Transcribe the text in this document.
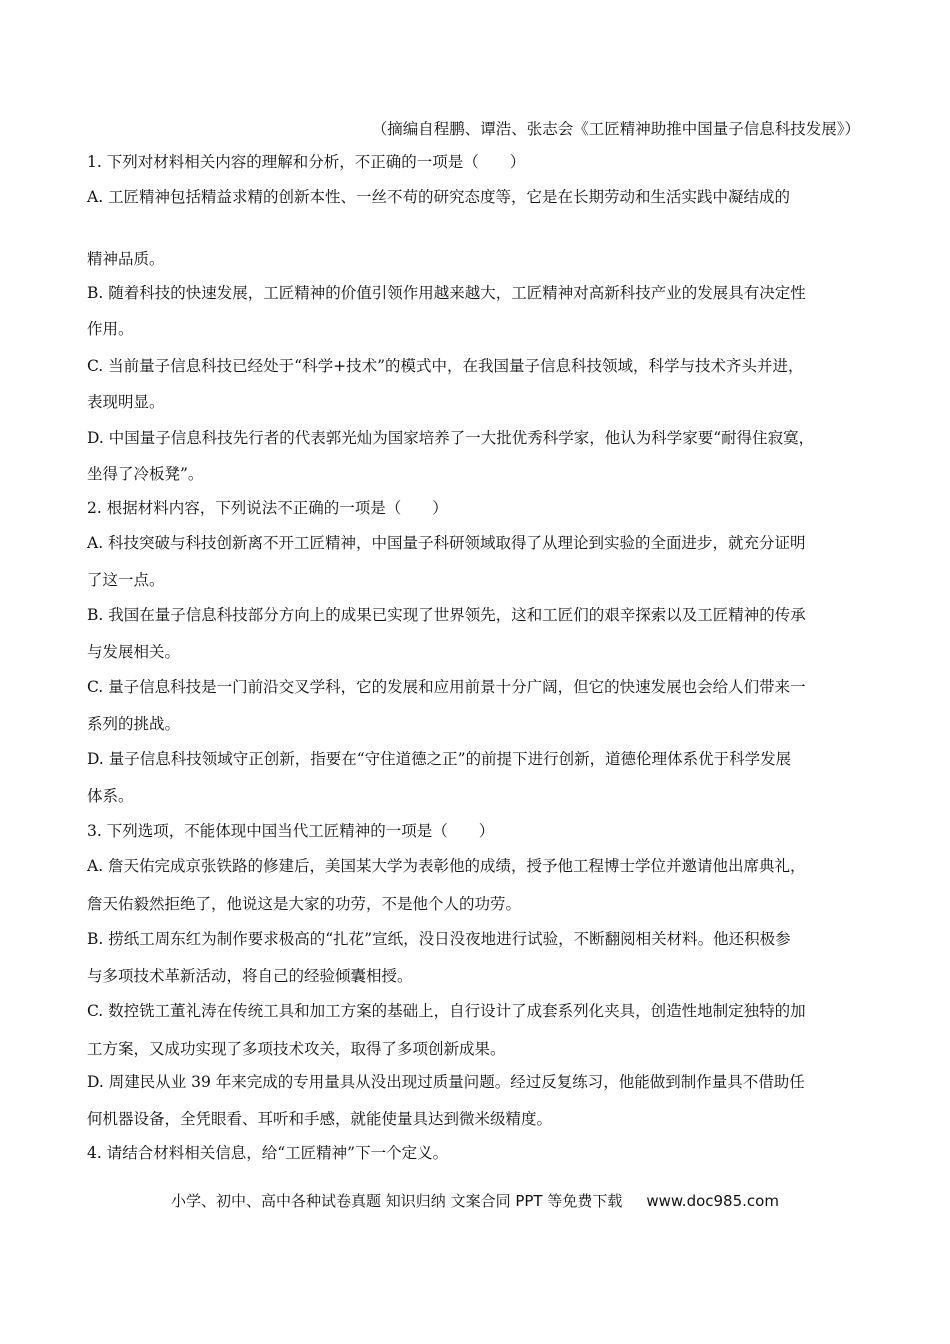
（摘编自程鹏、谭浩、张志会《工匠精神助推中国量子信息科技发展》）
1. 下列对材料相关内容的理解和分析，不正确的一项是（　　）
A. 工匠精神包括精益求精的创新本性、一丝不苟的研究态度等，它是在长期劳动和生活实践中凝结成的
精神品质。
B. 随着科技的快速发展，工匠精神的价值引领作用越来越大，工匠精神对高新科技产业的发展具有决定性
作用。
C. 当前量子信息科技已经处于“科学+技术”的模式中，在我国量子信息科技领域，科学与技术齐头并进，
表现明显。
D. 中国量子信息科技先行者的代表郭光灿为国家培养了一大批优秀科学家，他认为科学家要“耐得住寂寞，
坐得了冷板凳”。
2. 根据材料内容，下列说法不正确的一项是（　　）
A. 科技突破与科技创新离不开工匠精神，中国量子科研领域取得了从理论到实验的全面进步，就充分证明
了这一点。
B. 我国在量子信息科技部分方向上的成果已实现了世界领先，这和工匠们的艰辛探索以及工匠精神的传承
与发展相关。
C. 量子信息科技是一门前沿交叉学科，它的发展和应用前景十分广阔，但它的快速发展也会给人们带来一
系列的挑战。
D. 量子信息科技领域守正创新，指要在“守住道德之正”的前提下进行创新，道德伦理体系优于科学发展
体系。
3. 下列选项，不能体现中国当代工匠精神的一项是（　　）
A. 詹天佑完成京张铁路的修建后，美国某大学为表彰他的成绩，授予他工程博士学位并邀请他出席典礼，
詹天佑毅然拒绝了，他说这是大家的功劳，不是他个人的功劳。
B. 捞纸工周东红为制作要求极高的“扎花”宣纸，没日没夜地进行试验，不断翻阅相关材料。他还积极参
与多项技术革新活动，将自己的经验倾囊相授。
C. 数控铣工董礼涛在传统工具和加工方案的基础上，自行设计了成套系列化夹具，创造性地制定独特的加
工方案，又成功实现了多项技术攻关，取得了多项创新成果。
D. 周建民从业 39 年来完成的专用量具从没出现过质量问题。经过反复练习，他能做到制作量具不借助任
何机器设备，全凭眼看、耳听和手感，就能使量具达到微米级精度。
4. 请结合材料相关信息，给“工匠精神”下一个定义。
小学、初中、高中各种试卷真题 知识归纳 文案合同 PPT 等免费下载 www.doc985.com
